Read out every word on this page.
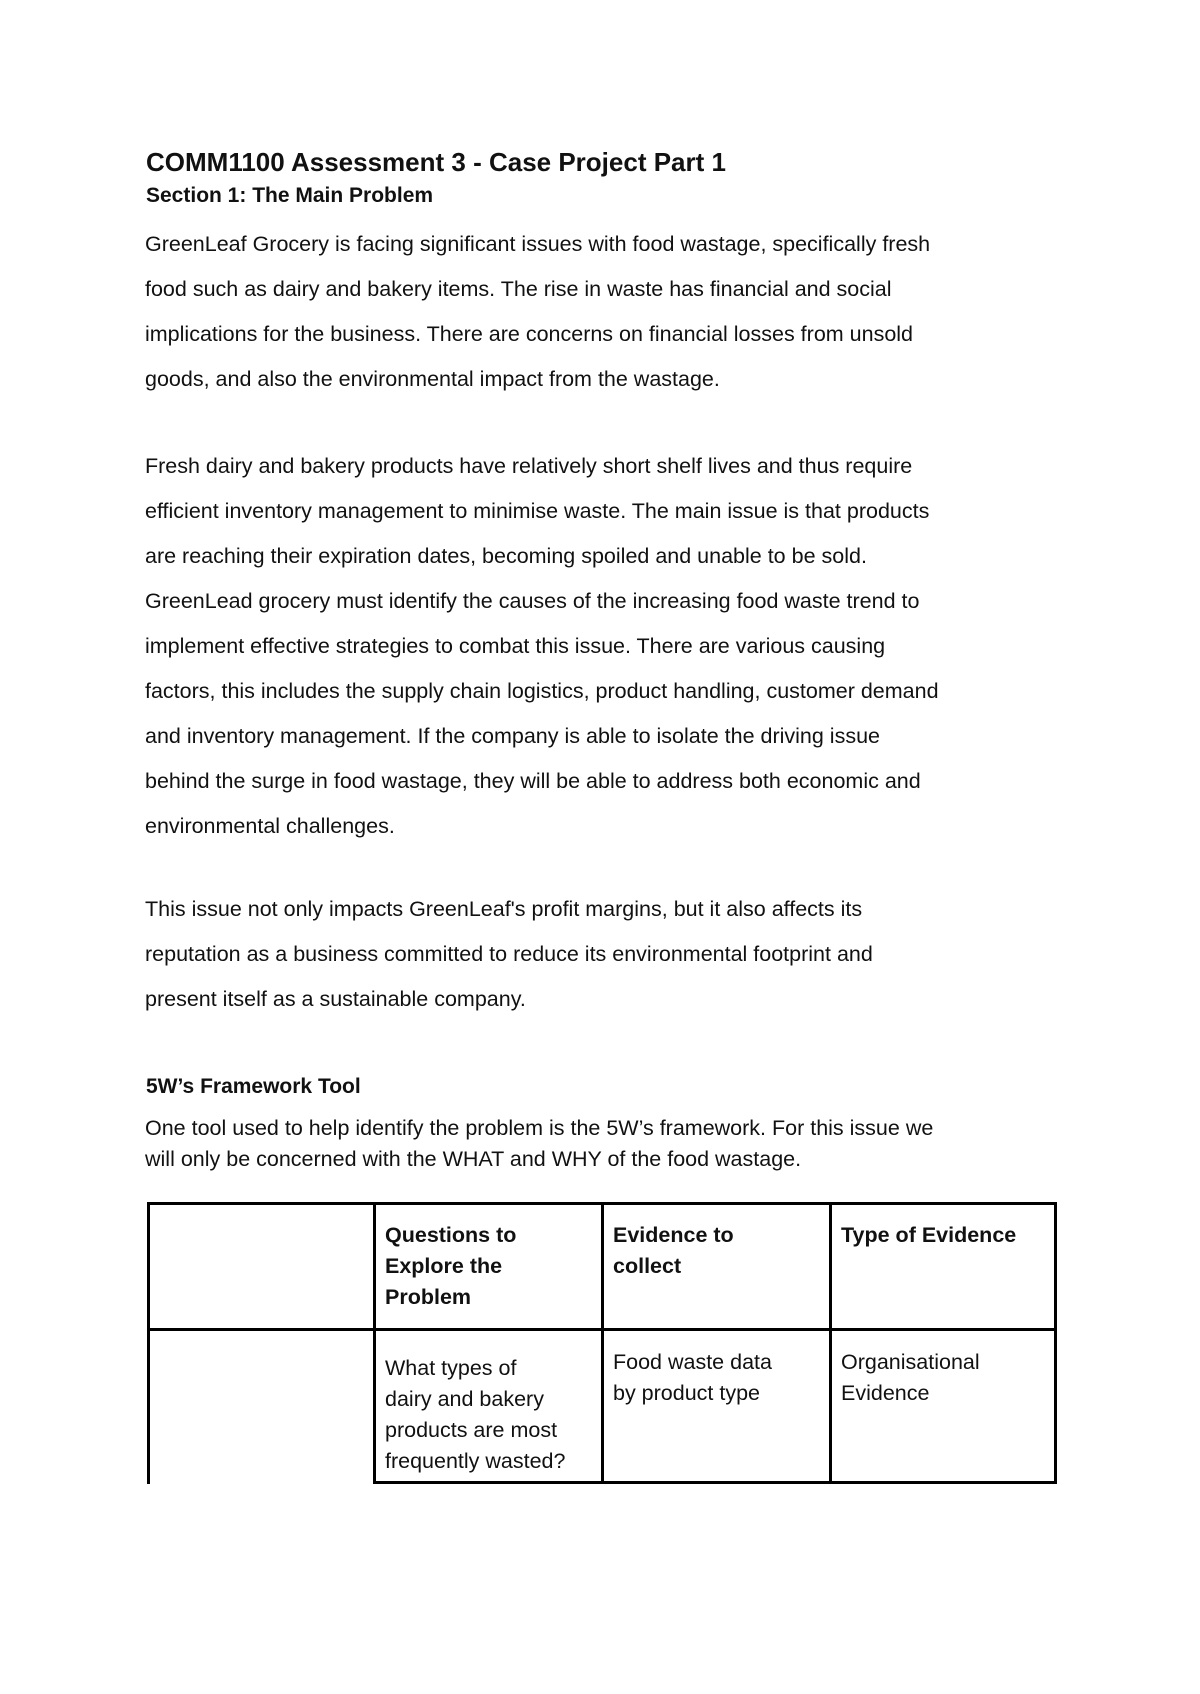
COMM1100 Assessment 3 - Case Project Part 1
Section 1: The Main Problem

GreenLeaf Grocery is facing significant issues with food wastage, specifically fresh
food such as dairy and bakery items. The rise in waste has financial and social
implications for the business. There are concerns on financial losses from unsold
goods, and also the environmental impact from the wastage.

Fresh dairy and bakery products have relatively short shelf lives and thus require
efficient inventory management to minimise waste. The main issue is that products
are reaching their expiration dates, becoming spoiled and unable to be sold.
GreenLead grocery must identify the causes of the increasing food waste trend to
implement effective strategies to combat this issue. There are various causing
factors, this includes the supply chain logistics, product handling, customer demand
and inventory management. If the company is able to isolate the driving issue
behind the surge in food wastage, they will be able to address both economic and
environmental challenges.

This issue not only impacts GreenLeaf's profit margins, but it also affects its
reputation as a business committed to reduce its environmental footprint and
present itself as a sustainable company.

5W’s Framework Tool

One tool used to help identify the problem is the 5W’s framework. For this issue we
will only be concerned with the WHAT and WHY of the food wastage.

Questions to
Explore the
Problem

Evidence to
collect

Type of Evidence

What types of
dairy and bakery
products are most
frequently wasted?

Food waste data
by product type

Organisational
Evidence
